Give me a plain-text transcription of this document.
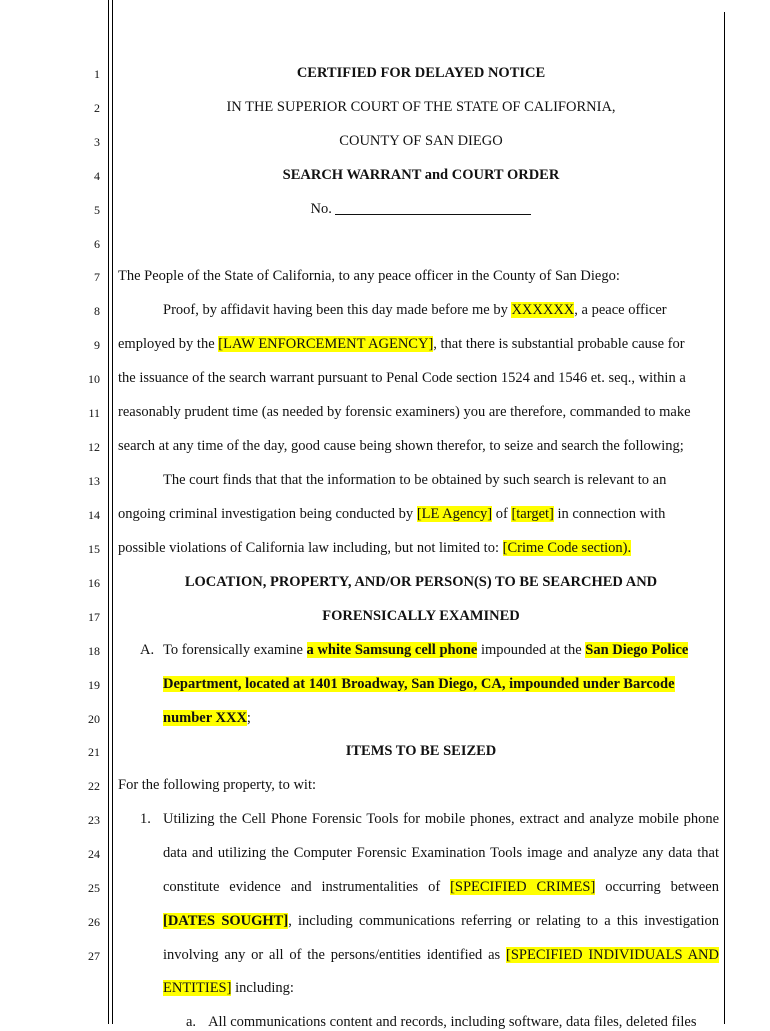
1
2
3
4
5
6
7
8
9
10
11
12
13
14
15
16
17
18
19
20
21
22
23
24
25
26
27
CERTIFIED FOR DELAYED NOTICE
IN THE SUPERIOR COURT OF THE STATE OF CALIFORNIA,
COUNTY OF SAN DIEGO
SEARCH WARRANT and COURT ORDER
No.
The People of the State of California, to any peace officer in the County of San Diego:
Proof, by affidavit having been this day made before me by XXXXXX, a peace officer
employed by the [LAW ENFORCEMENT AGENCY], that there is substantial probable cause for
the issuance of the search warrant pursuant to Penal Code section 1524 and 1546 et. seq., within a
reasonably prudent time (as needed by forensic examiners) you are therefore, commanded to make
search at any time of the day, good cause being shown therefor, to seize and search the following;
The court finds that that the information to be obtained by such search is relevant to an
ongoing criminal investigation being conducted by [LE Agency] of [target] in connection with
possible violations of California law including, but not limited to: [Crime Code section).
LOCATION, PROPERTY, AND/OR PERSON(S) TO BE SEARCHED AND
FORENSICALLY EXAMINED
A. To forensically examine a white Samsung cell phone impounded at the San Diego Police
Department, located at 1401 Broadway, San Diego, CA, impounded under Barcode
number XXX;
ITEMS TO BE SEIZED
For the following property, to wit:
1. Utilizing the Cell Phone Forensic Tools for mobile phones, extract and analyze mobile phone
data and utilizing the Computer Forensic Examination Tools image and analyze any data that
constitute evidence and instrumentalities of [SPECIFIED CRIMES] occurring between
[DATES SOUGHT], including communications referring or relating to a this investigation
involving any or all of the persons/entities identified as [SPECIFIED INDIVIDUALS AND
ENTITIES] including:
a. All communications content and records, including software, data files, deleted files
